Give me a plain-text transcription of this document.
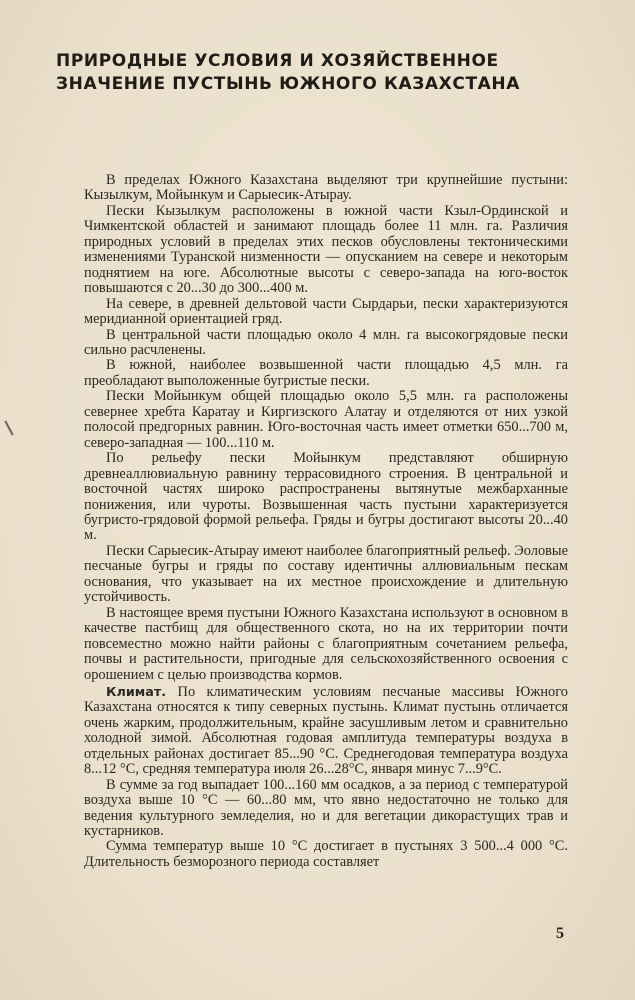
ПРИРОДНЫЕ УСЛОВИЯ И ХОЗЯЙСТВЕННОЕ ЗНАЧЕНИЕ ПУСТЫНЬ ЮЖНОГО КАЗАХСТАНА

В пределах Южного Казахстана выделяют три крупнейшие пустыни: Кызылкум, Мойынкум и Сарыесик-Атырау.

Пески Кызылкум расположены в южной части Кзыл-Ординской и Чимкентской областей и занимают площадь более 11 млн. га. Различия природных условий в пределах этих песков обусловлены тектоническими изменениями Туранской низменности — опусканием на севере и некоторым поднятием на юге. Абсолютные высоты с северо-запада на юго-восток повышаются с 20...30 до 300...400 м.

На севере, в древней дельтовой части Сырдарьи, пески характеризуются меридианной ориентацией гряд.

В центральной части площадью около 4 млн. га высокогрядовые пески сильно расчленены.

В южной, наиболее возвышенной части площадью 4,5 млн. га преобладают выположенные бугристые пески.

Пески Мойынкум общей площадью около 5,5 млн. га расположены севернее хребта Каратау и Киргизского Алатау и отделяются от них узкой полосой предгорных равнин. Юго-восточная часть имеет отметки 650...700 м, северо-западная — 100...110 м.

По рельефу пески Мойынкум представляют обширную древнеаллювиальную равнину террасовидного строения. В центральной и восточной частях широко распространены вытянутые межбарханные понижения, или чуроты. Возвышенная часть пустыни характеризуется бугристо-грядовой формой рельефа. Гряды и бугры достигают высоты 20...40 м.

Пески Сарыесик-Атырау имеют наиболее благоприятный рельеф. Эоловые песчаные бугры и гряды по составу идентичны аллювиальным пескам основания, что указывает на их местное происхождение и длительную устойчивость.

В настоящее время пустыни Южного Казахстана используют в основном в качестве пастбищ для общественного скота, но на их территории почти повсеместно можно найти районы с благоприятным сочетанием рельефа, почвы и растительности, пригодные для сельскохозяйственного освоения с орошением с целью производства кормов.

Климат. По климатическим условиям песчаные массивы Южного Казахстана относятся к типу северных пустынь. Климат пустынь отличается очень жарким, продолжительным, крайне засушливым летом и сравнительно холодной зимой. Абсолютная годовая амплитуда температуры воздуха в отдельных районах достигает 85...90 °С. Среднегодовая температура воздуха 8...12 °С, средняя температура июля 26...28°С, января минус 7...9°С.

В сумме за год выпадает 100...160 мм осадков, а за период с температурой воздуха выше 10 °С — 60...80 мм, что явно недостаточно не только для ведения культурного земледелия, но и для вегетации дикорастущих трав и кустарников.

Сумма температур выше 10 °С достигает в пустынях 3 500...4 000 °С. Длительность безморозного периода составляет

5
